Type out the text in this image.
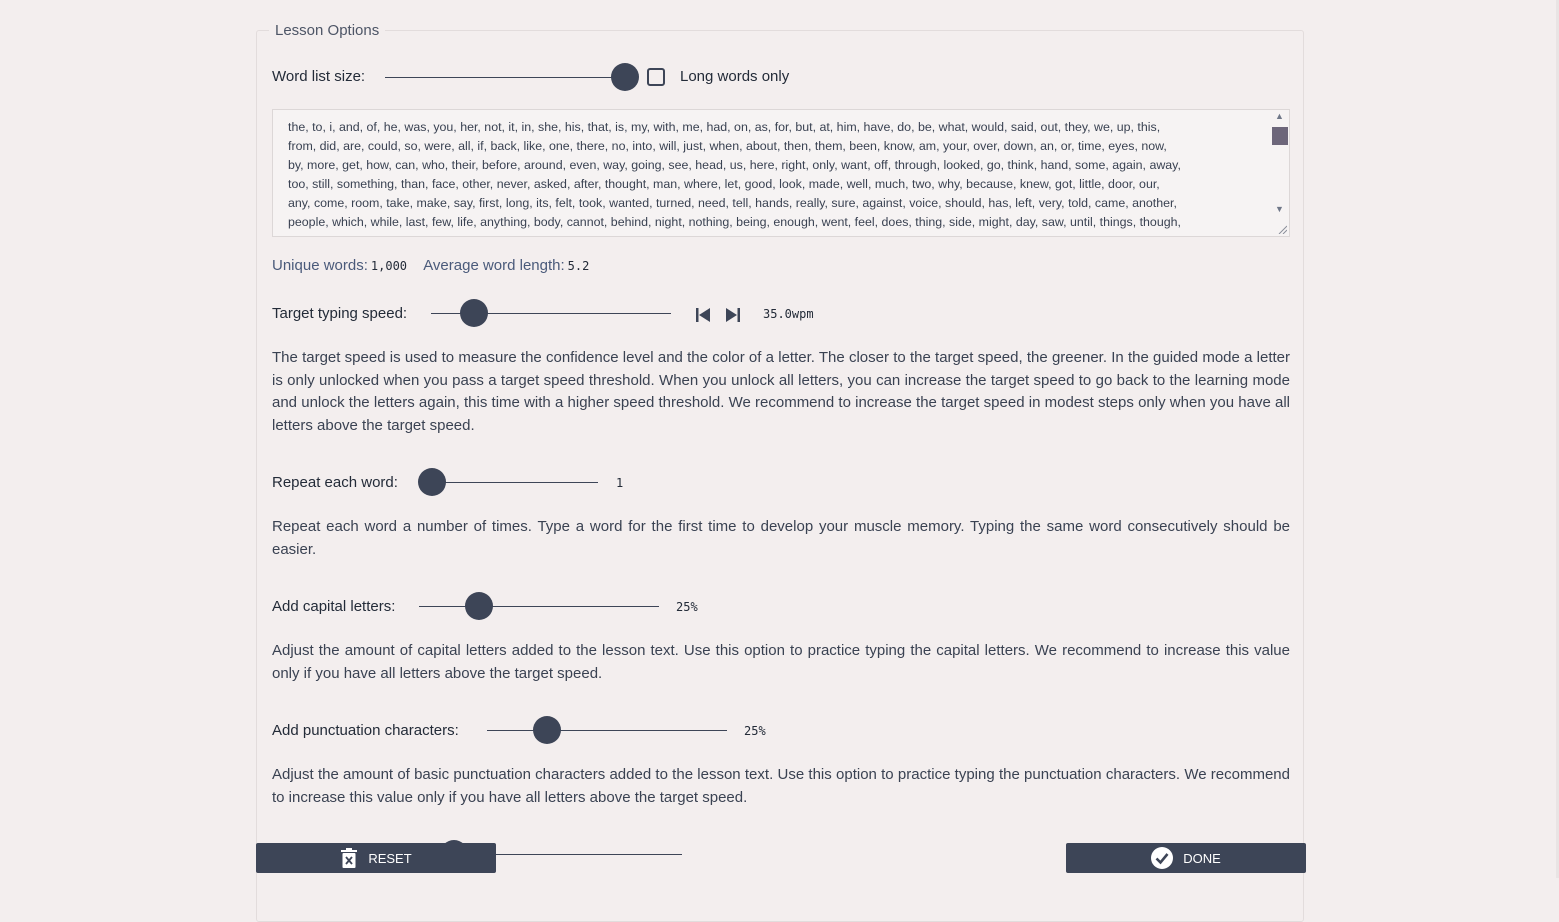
Lesson Options
Word list size:	Long words only
the, to, i, and, of, he, was, you, her, not, it, in, she, his, that, is, my, with, me, had, on, as, for, but, at, him, have, do, be, what, would, said, out, they, we, up, this,
from, did, are, could, so, were, all, if, back, like, one, there, no, into, will, just, when, about, then, them, been, know, am, your, over, down, an, or, time, eyes, now,
by, more, get, how, can, who, their, before, around, even, way, going, see, head, us, here, right, only, want, off, through, looked, go, think, hand, some, again, away,
too, still, something, than, face, other, never, asked, after, thought, man, where, let, good, look, made, well, much, two, why, because, knew, got, little, door, our,
any, come, room, take, make, say, first, long, its, felt, took, wanted, turned, need, tell, hands, really, sure, against, voice, should, has, left, very, told, came, another,
people, which, while, last, few, life, anything, body, cannot, behind, night, nothing, being, enough, went, feel, does, thing, side, might, day, saw, until, things, though,
▲
▼
Unique words: 1,000 Average word length: 5.2
Target typing speed:	35.0wpm
The target speed is used to measure the confidence level and the color of a letter. The closer to the target speed, the greener. In the guided mode a letter is only unlocked when you pass a target speed threshold. When you unlock all letters, you can increase the target speed to go back to the learning mode and unlock the letters again, this time with a higher speed threshold. We recommend to increase the target speed in modest steps only when you have all letters above the target speed.
Repeat each word:	1
Repeat each word a number of times. Type a word for the first time to develop your muscle memory. Typing the same word consecutively should be easier.
Add capital letters:	25%
Adjust the amount of capital letters added to the lesson text. Use this option to practice typing the capital letters. We recommend to increase this value only if you have all letters above the target speed.
Add punctuation characters:	25%
Adjust the amount of basic punctuation characters added to the lesson text. Use this option to practice typing the punctuation characters. We recommend to increase this value only if you have all letters above the target speed.
RESET	DONE
